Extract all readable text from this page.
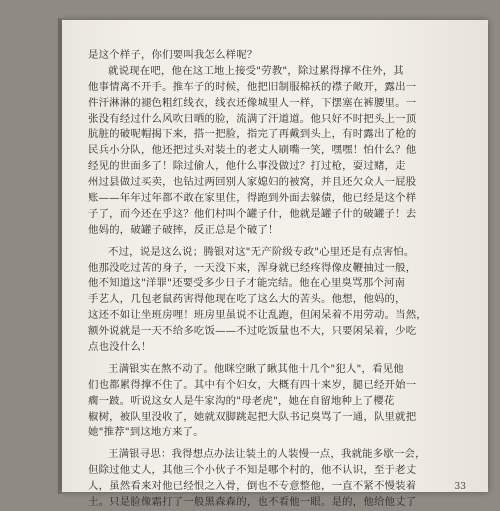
是这个样子，你们要叫我怎么样呢？
就说现在吧，他在这工地上接受"劳教"，除过累得撑不住外，其
他事情离不开手。推车子的时候，他把旧制服棉袄的襟子敞开，露出一
件汗淋淋的褪色粗红线衣，线衣还像城里人一样，下摆塞在裤腰里。一
张没有经过什么风吹日晒的脸，流满了汗道道。他只好不时把头上一顶
肮脏的破呢帽揭下来，搭一把脸，指完了再戴到头上，有时露出了枪的
民兵小分队，他还把过头对装土的老丈人刷嘴一笑，嘿嘿！怕什么？他
经见的世面多了！除过偷人，他什么事没做过？打过枪，耍过赌，走
州过县做过买卖，也钻过两回别人家媳妇的被窝，并且还欠众人一屁股
账——年年过年都不敢在家里住，得跑到外面去躲债，他已经是这个样
子了，而今还在乎这？他们村叫个罐子什，他就是罐子什的破罐子！去
他妈的，破罐子破摔，反正总是个破了！
不过，说是这么说；腾银对这"无产阶级专政"心里还是有点害怕。
他那没吃过苦的身子，一天没下来，浑身就已经疼得像皮鞭抽过一般，
他不知道这"洋罪"还要受多少日子才能完结。他在心里臭骂那个河南
手艺人，几包老鼠药害得他现在吃了这么大的苦头。他想，他妈的，
这还不如让坐班房哩！班房里虽说不让乱跑，但闲呆着不用劳动。当然，
额外说就是一天不给多吃饭——不过吃饭量也不大，只要闲呆着，少吃
点也没什么！
王满银实在熬不动了。他眯空瞅了瞅其他十几个"犯人"，看见他
们也都累得撑不住了。其中有个妇女，大概有四十来岁，腿已经开始一
瘸一跛。听说这女人是牛家沟的"母老虎"，她在自留地种上了樱花
椒树，被队里没收了，她就双脚跳起把大队书记臭骂了一通，队里就把
她"推荐"到这地方来了。
王满银寻思：我得想点办法让装土的人装慢一点，我就能多歇一会，
但除过他丈人，其他三个小伙子不知是哪个村的，他不认识，至于老丈
人，虽然看来对他已经恨之入骨，倒也不专意整他，一直不紧不慢装着
土。只是脸像霜打了一般黑森森的，也不看他一眼。是的，他给他丈了
33
